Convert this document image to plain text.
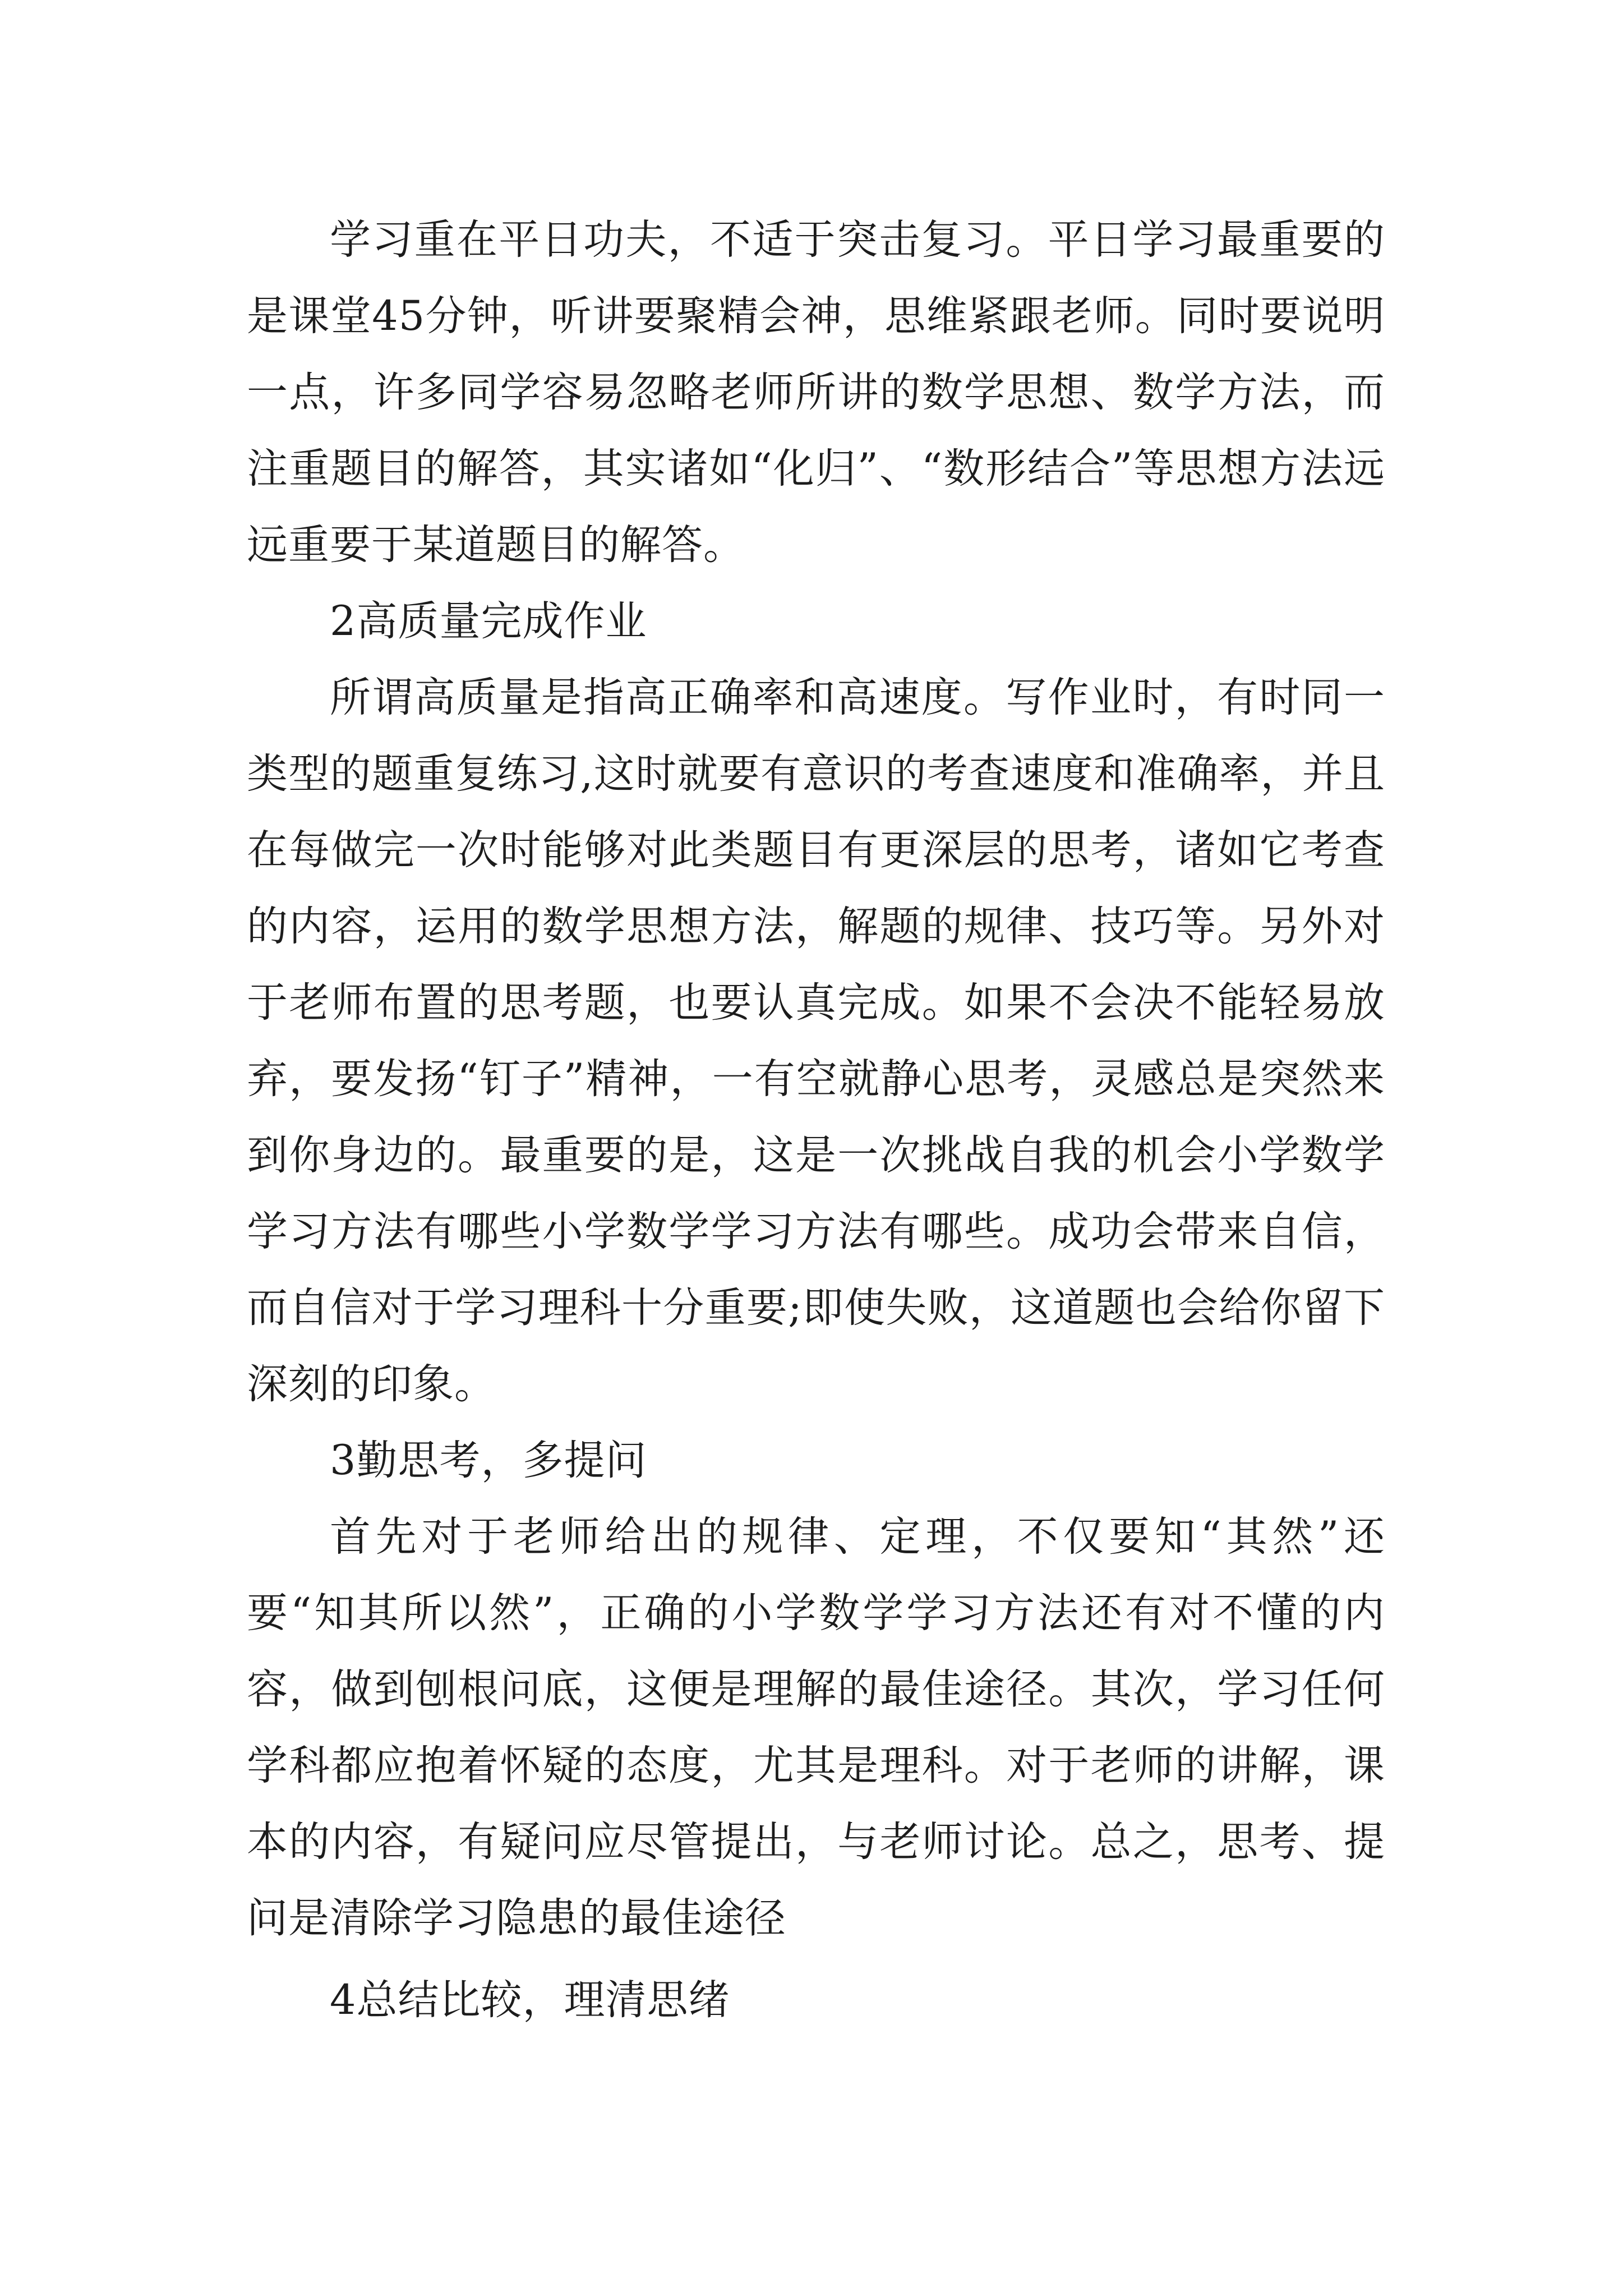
学习重在平日功夫，不适于突击复习。平日学习最重要的是课堂45分钟，听讲要聚精会神，思维紧跟老师。同时要说明一点，许多同学容易忽略老师所讲的数学思想、数学方法，而注重题目的解答，其实诸如“化归”、“数形结合”等思想方法远远重要于某道题目的解答。

2高质量完成作业

所谓高质量是指高正确率和高速度。写作业时，有时同一类型的题重复练习,这时就要有意识的考查速度和准确率，并且在每做完一次时能够对此类题目有更深层的思考，诸如它考查的内容，运用的数学思想方法，解题的规律、技巧等。另外对于老师布置的思考题，也要认真完成。如果不会决不能轻易放弃，要发扬“钉子”精神，一有空就静心思考，灵感总是突然来到你身边的。最重要的是，这是一次挑战自我的机会小学数学学习方法有哪些小学数学学习方法有哪些。成功会带来自信，而自信对于学习理科十分重要;即使失败，这道题也会给你留下深刻的印象。

3勤思考，多提问

首先对于老师给出的规律、定理，不仅要知“其然”还要“知其所以然”，正确的小学数学学习方法还有对不懂的内容，做到刨根问底，这便是理解的最佳途径。其次，学习任何学科都应抱着怀疑的态度，尤其是理科。对于老师的讲解，课本的内容，有疑问应尽管提出，与老师讨论。总之，思考、提问是清除学习隐患的最佳途径

4总结比较，理清思绪
